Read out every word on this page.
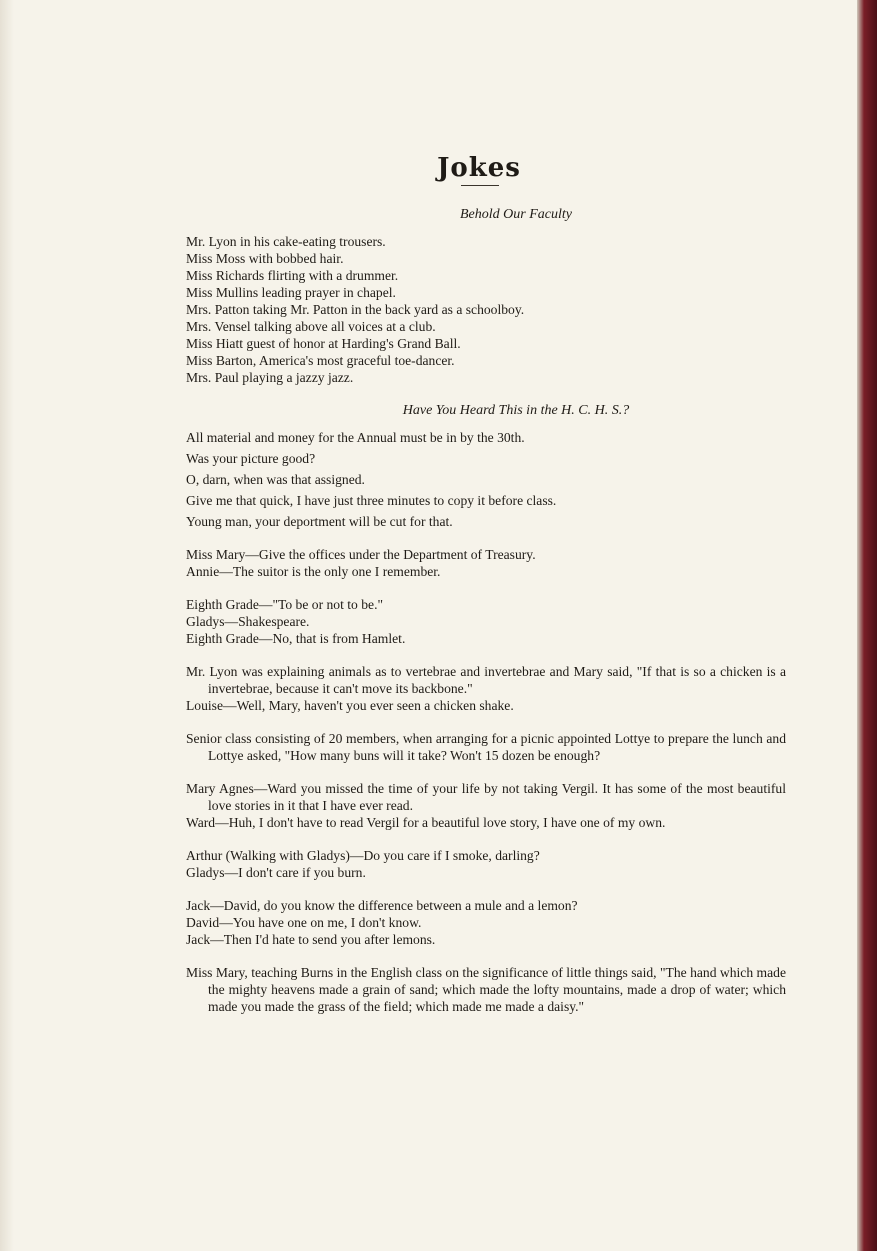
Jokes
Behold Our Faculty
Mr. Lyon in his cake-eating trousers.
Miss Moss with bobbed hair.
Miss Richards flirting with a drummer.
Miss Mullins leading prayer in chapel.
Mrs. Patton taking Mr. Patton in the back yard as a schoolboy.
Mrs. Vensel talking above all voices at a club.
Miss Hiatt guest of honor at Harding's Grand Ball.
Miss Barton, America's most graceful toe-dancer.
Mrs. Paul playing a jazzy jazz.
Have You Heard This in the H. C. H. S.?
All material and money for the Annual must be in by the 30th.
Was your picture good?
O, darn, when was that assigned.
Give me that quick, I have just three minutes to copy it before class.
Young man, your deportment will be cut for that.
Miss Mary—Give the offices under the Department of Treasury.
Annie—The suitor is the only one I remember.
Eighth Grade—"To be or not to be."
Gladys—Shakespeare.
Eighth Grade—No, that is from Hamlet.
Mr. Lyon was explaining animals as to vertebrae and invertebrae and Mary said, "If that is so a chicken is a invertebrae, because it can't move its backbone."
Louise—Well, Mary, haven't you ever seen a chicken shake.
Senior class consisting of 20 members, when arranging for a picnic appointed Lottye to prepare the lunch and Lottye asked, "How many buns will it take? Won't 15 dozen be enough?
Mary Agnes—Ward you missed the time of your life by not taking Vergil. It has some of the most beautiful love stories in it that I have ever read.
Ward—Huh, I don't have to read Vergil for a beautiful love story, I have one of my own.
Arthur (Walking with Gladys)—Do you care if I smoke, darling?
Gladys—I don't care if you burn.
Jack—David, do you know the difference between a mule and a lemon?
David—You have one on me, I don't know.
Jack—Then I'd hate to send you after lemons.
Miss Mary, teaching Burns in the English class on the significance of little things said, "The hand which made the mighty heavens made a grain of sand; which made the lofty mountains, made a drop of water; which made you made the grass of the field; which made me made a daisy."
